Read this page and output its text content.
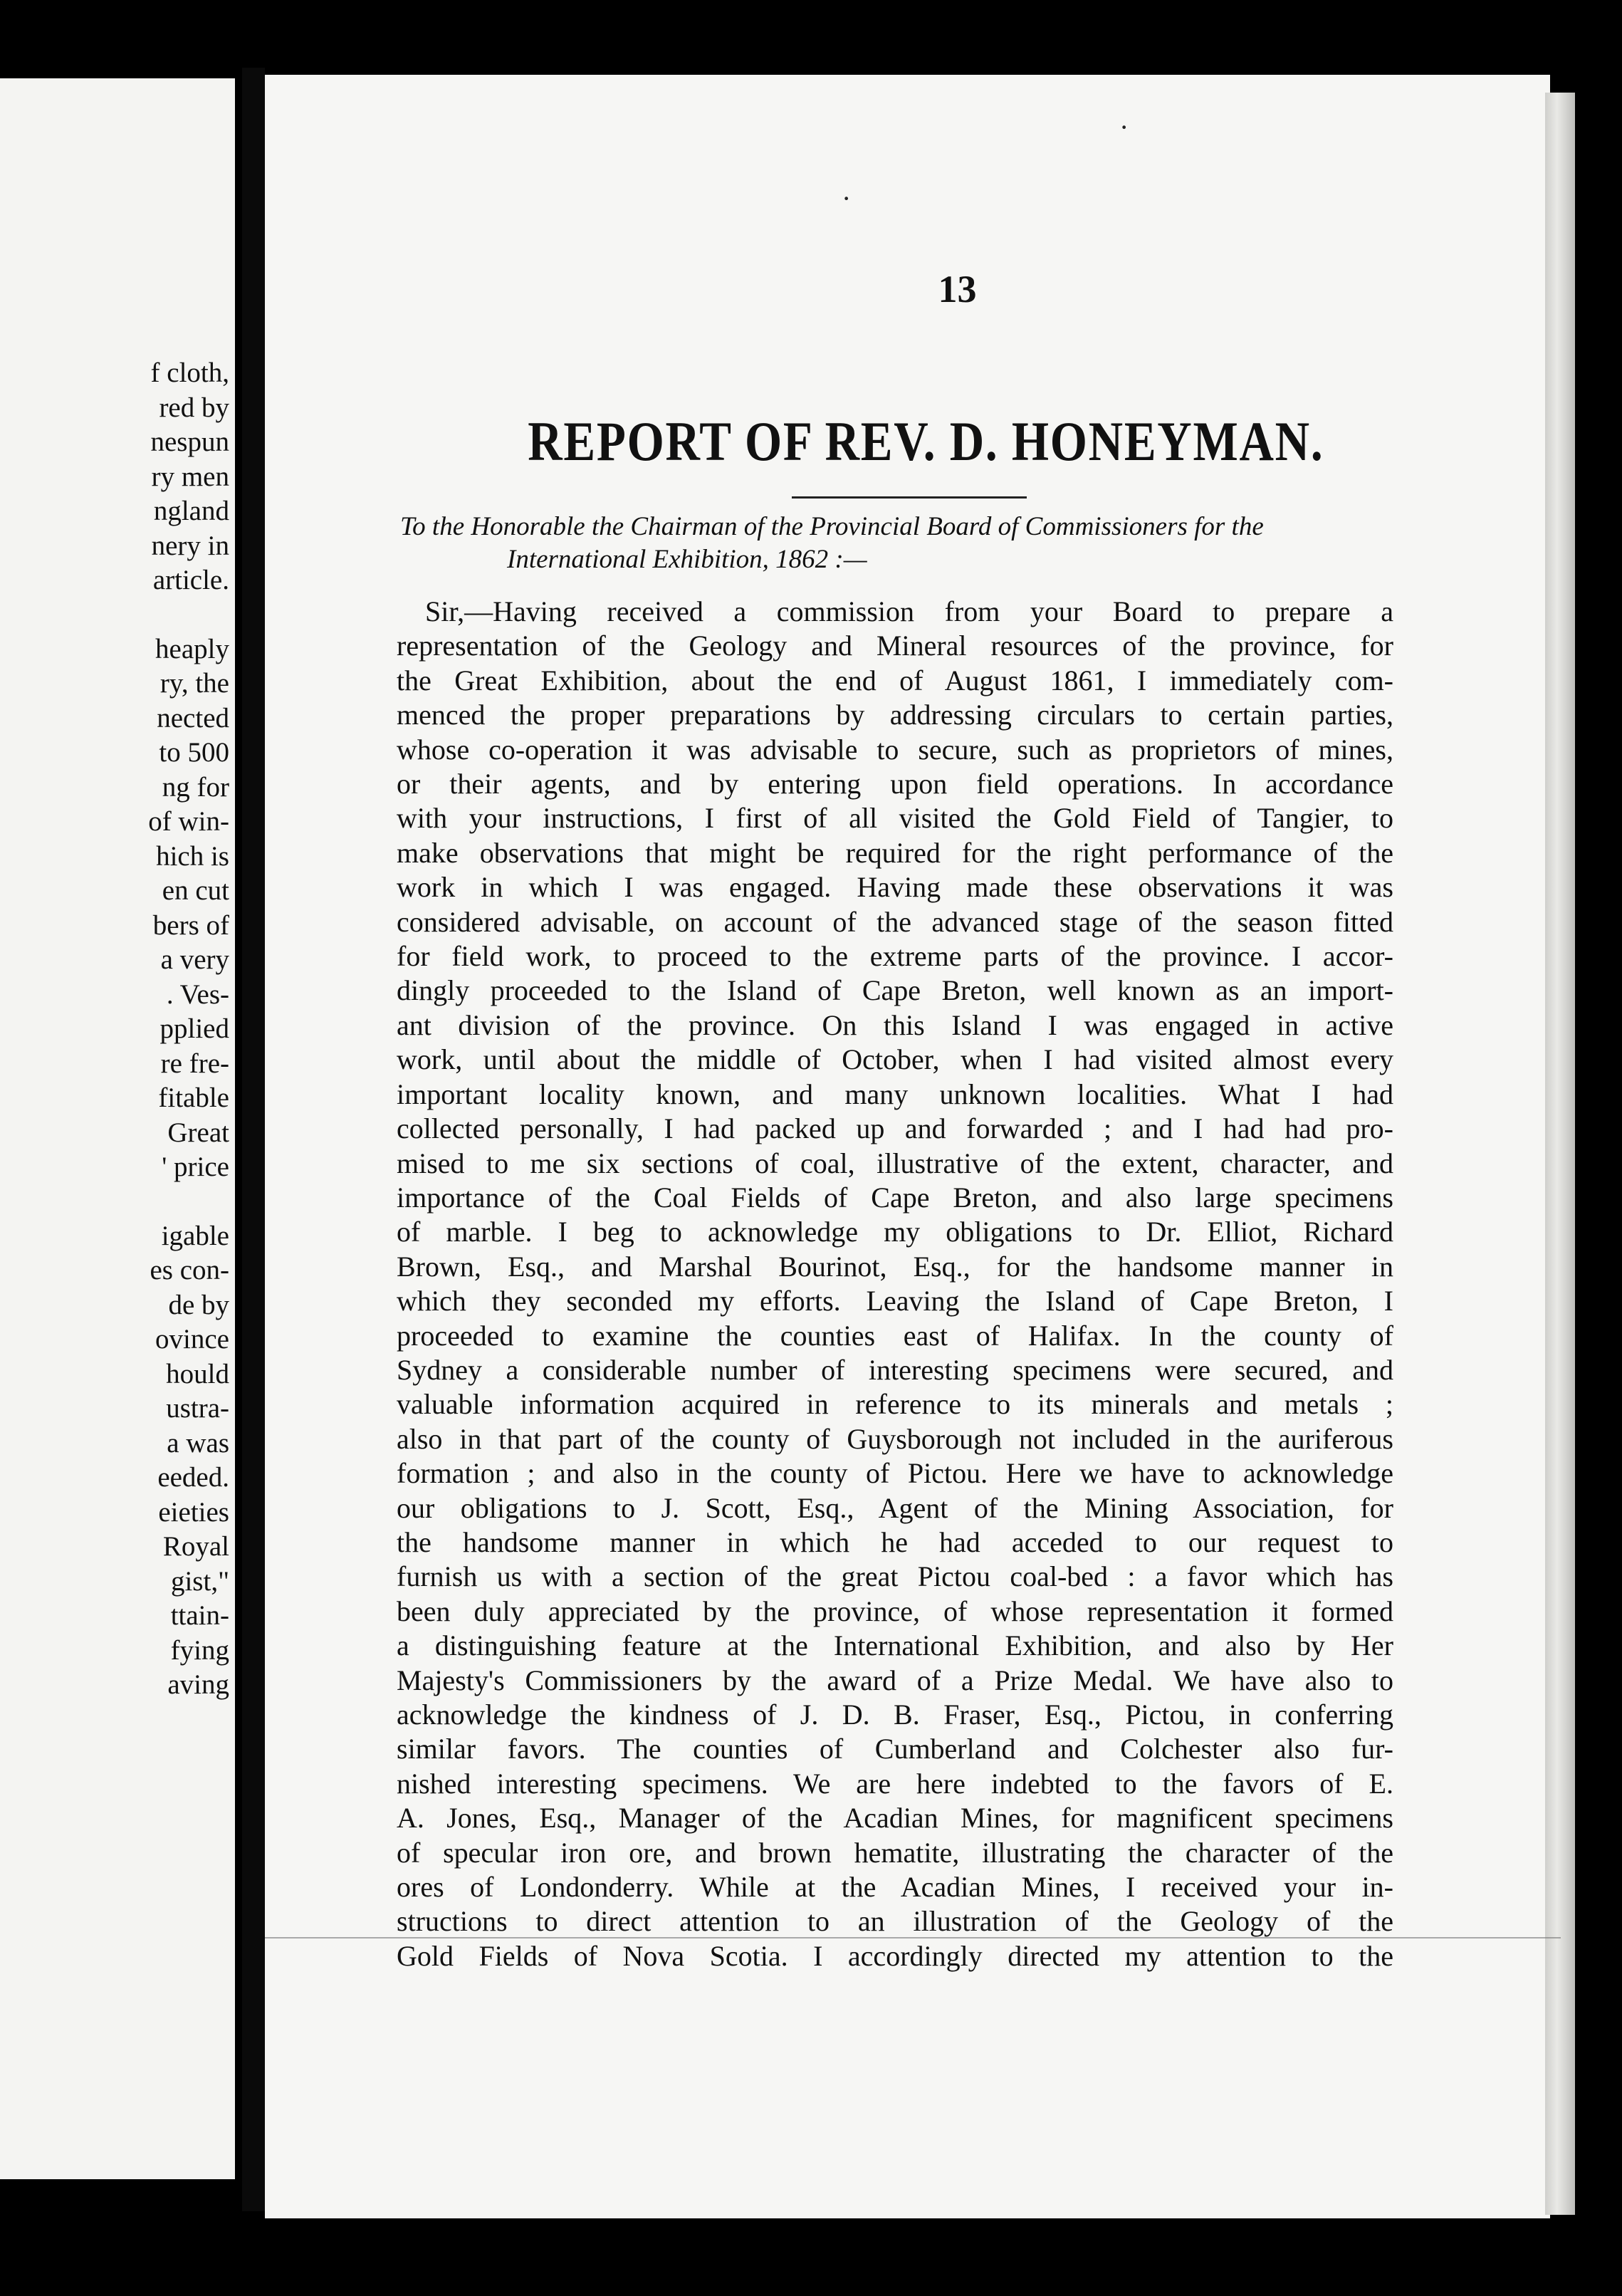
f cloth,
red by
nespun
ry men
ngland
nery in
article.
heaply
ry, the
nected
to 500
ng for
of win-
hich is
en cut
bers of
a very
. Ves-
pplied
re fre-
fitable
Great
' price
igable
es con-
de by
ovince
hould
ustra-
a was
eeded.
eieties
Royal
gist,"
ttain-
fying
aving
13
REPORT OF REV. D. HONEYMAN.
To the Honorable the Chairman of the Provincial Board of Commissioners for the
International Exhibition, 1862 :—
Sir,—Having received a commission from your Board to prepare a
representation of the Geology and Mineral resources of the province, for
the Great Exhibition, about the end of August 1861, I immediately com-
menced the proper preparations by addressing circulars to certain parties,
whose co-operation it was advisable to secure, such as proprietors of mines,
or their agents, and by entering upon field operations. In accordance
with your instructions, I first of all visited the Gold Field of Tangier, to
make observations that might be required for the right performance of the
work in which I was engaged. Having made these observations it was
considered advisable, on account of the advanced stage of the season fitted
for field work, to proceed to the extreme parts of the province. I accor-
dingly proceeded to the Island of Cape Breton, well known as an import-
ant division of the province. On this Island I was engaged in active
work, until about the middle of October, when I had visited almost every
important locality known, and many unknown localities. What I had
collected personally, I had packed up and forwarded ; and I had had pro-
mised to me six sections of coal, illustrative of the extent, character, and
importance of the Coal Fields of Cape Breton, and also large specimens
of marble. I beg to acknowledge my obligations to Dr. Elliot, Richard
Brown, Esq., and Marshal Bourinot, Esq., for the handsome manner in
which they seconded my efforts. Leaving the Island of Cape Breton, I
proceeded to examine the counties east of Halifax. In the county of
Sydney a considerable number of interesting specimens were secured, and
valuable information acquired in reference to its minerals and metals ;
also in that part of the county of Guysborough not included in the auriferous
formation ; and also in the county of Pictou. Here we have to acknowledge
our obligations to J. Scott, Esq., Agent of the Mining Association, for
the handsome manner in which he had acceded to our request to
furnish us with a section of the great Pictou coal-bed : a favor which has
been duly appreciated by the province, of whose representation it formed
a distinguishing feature at the International Exhibition, and also by Her
Majesty's Commissioners by the award of a Prize Medal. We have also to
acknowledge the kindness of J. D. B. Fraser, Esq., Pictou, in conferring
similar favors. The counties of Cumberland and Colchester also fur-
nished interesting specimens. We are here indebted to the favors of E.
A. Jones, Esq., Manager of the Acadian Mines, for magnificent specimens
of specular iron ore, and brown hematite, illustrating the character of the
ores of Londonderry. While at the Acadian Mines, I received your in-
structions to direct attention to an illustration of the Geology of the
Gold Fields of Nova Scotia. I accordingly directed my attention to the
·
·
